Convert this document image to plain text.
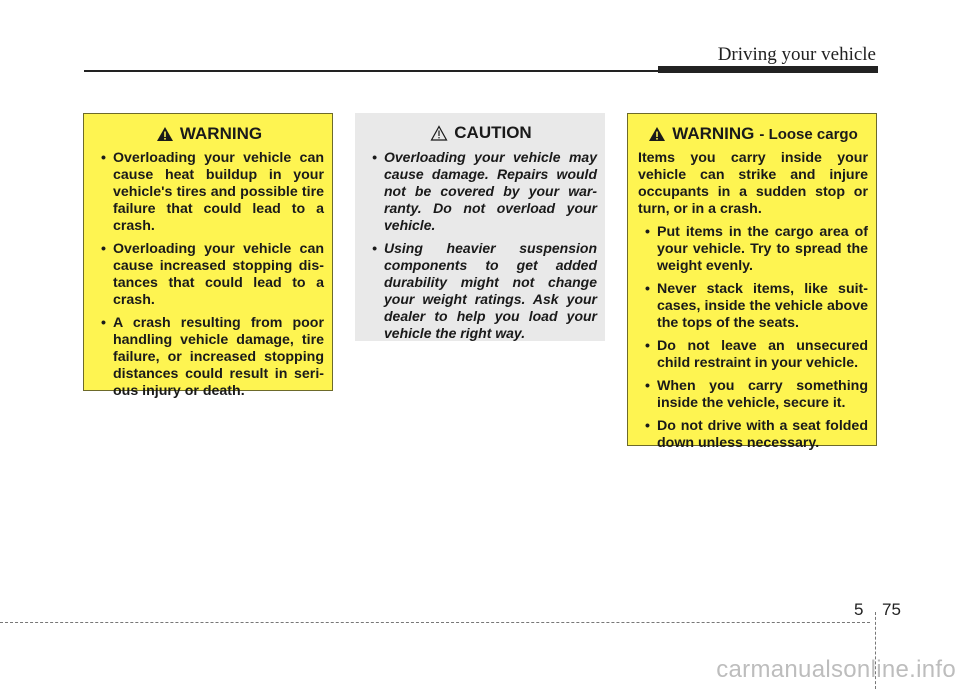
Driving your vehicle
WARNING
• Overloading your vehicle can cause heat buildup in your vehicle's tires and possible tire failure that could lead to a crash.
• Overloading your vehicle can cause increased stopping dis-tances that could lead to a crash.
• A crash resulting from poor handling vehicle damage, tire failure, or increased stopping distances could result in seri-ous injury or death.
CAUTION
• Overloading your vehicle may cause damage. Repairs would not be covered by your war-ranty. Do not overload your vehicle.
• Using heavier suspension components to get added durability might not change your weight ratings. Ask your dealer to help you load your vehicle the right way.
WARNING - Loose cargo

Items you carry inside your vehicle can strike and injure occupants in a sudden stop or turn, or in a crash.

• Put items in the cargo area of your vehicle. Try to spread the weight evenly.
• Never stack items, like suit-cases, inside the vehicle above the tops of the seats.
• Do not leave an unsecured child restraint in your vehicle.
• When you carry something inside the vehicle, secure it.
• Do not drive with a seat folded down unless necessary.
5 75
carmanualsonline.info
